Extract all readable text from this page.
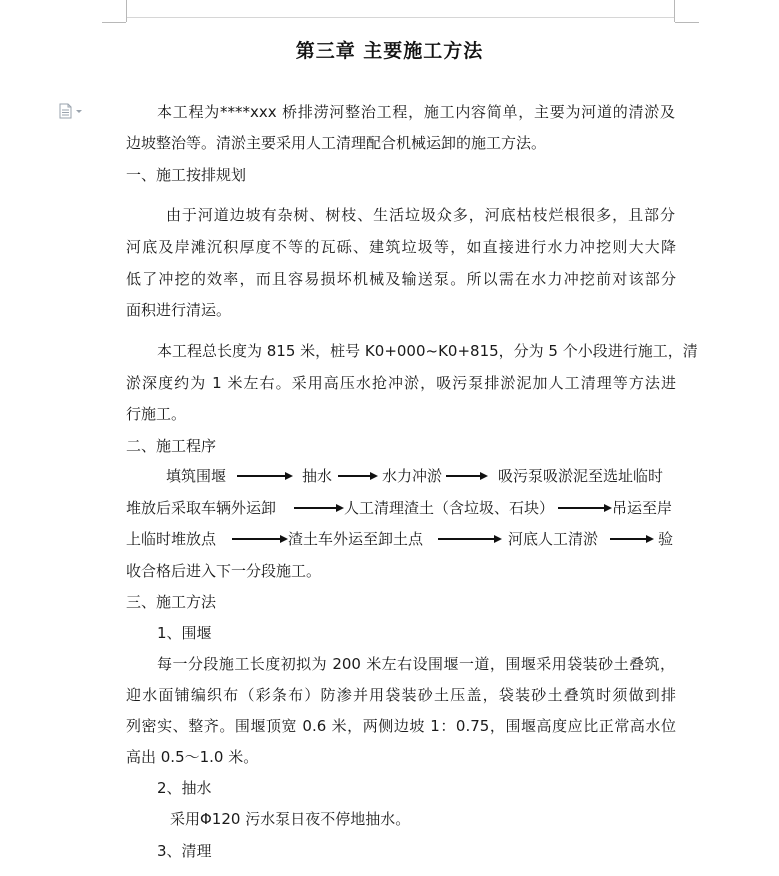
第三章 主要施工方法
本工程为****xxx 桥排涝河整治工程，施工内容简单，主要为河道的清淤及
边坡整治等。清淤主要采用人工清理配合机械运卸的施工方法。
一、施工按排规划
由于河道边坡有杂树、树枝、生活垃圾众多，河底枯枝烂根很多，且部分
河底及岸滩沉积厚度不等的瓦砾、建筑垃圾等，如直接进行水力冲挖则大大降
低了冲挖的效率，而且容易损坏机械及输送泵。所以需在水力冲挖前对该部分
面积进行清运。
本工程总长度为 815 米，桩号 K0+000~K0+815，分为 5 个小段进行施工，清
淤深度约为 1 米左右。采用高压水抢冲淤，吸污泵排淤泥加人工清理等方法进
行施工。
二、施工程序
填筑围堰	抽水	水力冲淤	吸污泵吸淤泥至选址临时
堆放后采取车辆外运卸	人工清理渣土（含垃圾、石块）	吊运至岸
上临时堆放点	渣土车外运至卸土点	河底人工清淤	验
收合格后进入下一分段施工。
三、施工方法
1、围堰
每一分段施工长度初拟为 200 米左右设围堰一道，围堰采用袋装砂土叠筑，
迎水面铺编织布（彩条布）防渗并用袋装砂土压盖，袋装砂土叠筑时须做到排
列密实、整齐。围堰顶宽 0.6 米，两侧边坡 1：0.75，围堰高度应比正常高水位
高出 0.5～1.0 米。
2、抽水
采用Φ120 污水泵日夜不停地抽水。
3、清理
